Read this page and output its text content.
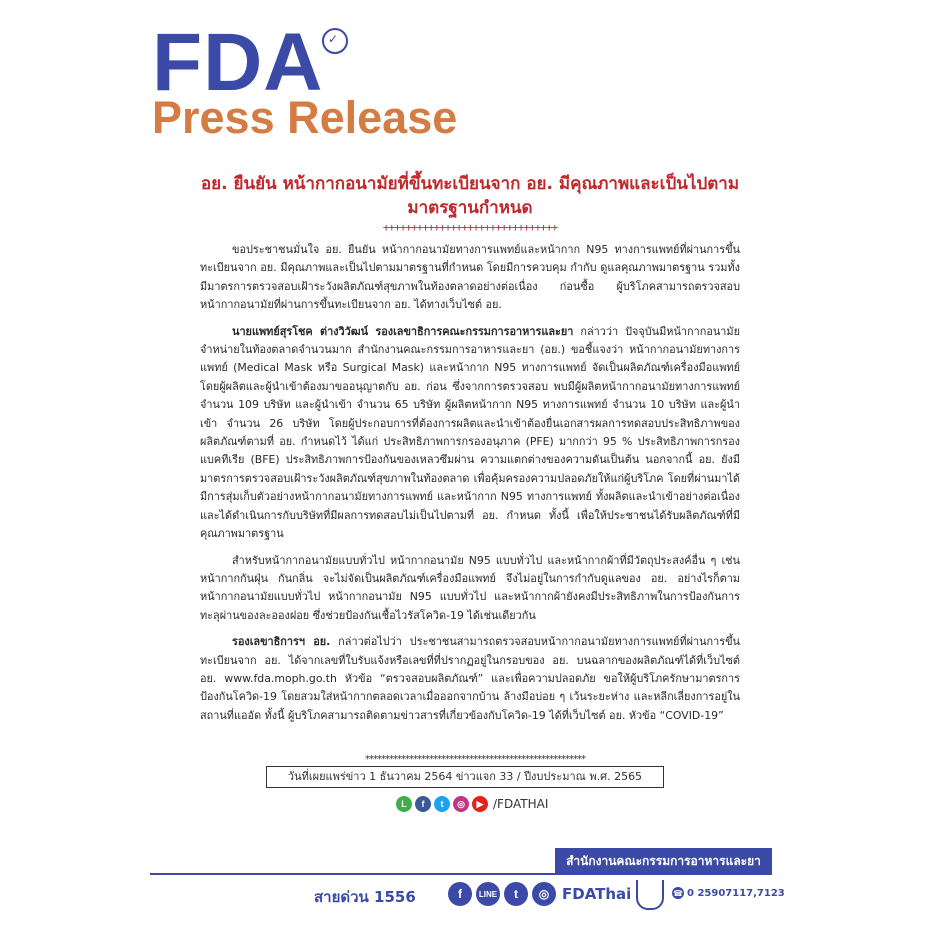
FDA ✓
Press Release
อย. ยืนยัน หน้ากากอนามัยที่ขึ้นทะเบียนจาก อย. มีคุณภาพและเป็นไปตาม
มาตรฐานกำหนด
+++++++++++++++++++++++++++++++

ขอประชาชนมั่นใจ อย. ยืนยัน หน้ากากอนามัยทางการแพทย์และหน้ากาก N95 ทางการแพทย์ที่ผ่านการขึ้นทะเบียนจาก อย. มีคุณภาพและเป็นไปตามมาตรฐานที่กำหนด โดยมีการควบคุม กำกับ ดูแลคุณภาพมาตรฐาน รวมทั้งมีมาตรการตรวจสอบเฝ้าระวังผลิตภัณฑ์สุขภาพในท้องตลาดอย่างต่อเนื่อง ก่อนซื้อ ผู้บริโภคสามารถตรวจสอบหน้ากากอนามัยที่ผ่านการขึ้นทะเบียนจาก อย. ได้ทางเว็บไซต์ อย.

นายแพทย์สุรโชค ต่างวิวัฒน์ รองเลขาธิการคณะกรรมการอาหารและยา กล่าวว่า ปัจจุบันมีหน้ากากอนามัยจำหน่ายในท้องตลาดจำนวนมาก สำนักงานคณะกรรมการอาหารและยา (อย.) ขอชี้แจงว่า หน้ากากอนามัยทางการแพทย์ (Medical Mask หรือ Surgical Mask) และหน้ากาก N95 ทางการแพทย์ จัดเป็นผลิตภัณฑ์เครื่องมือแพทย์ โดยผู้ผลิตและผู้นำเข้าต้องมาขออนุญาตกับ อย. ก่อน ซึ่งจากการตรวจสอบ พบมีผู้ผลิตหน้ากากอนามัยทางการแพทย์ จำนวน 109 บริษัท และผู้นำเข้า จำนวน 65 บริษัท ผู้ผลิตหน้ากาก N95 ทางการแพทย์ จำนวน 10 บริษัท และผู้นำเข้า จำนวน 26 บริษัท โดยผู้ประกอบการที่ต้องการผลิตและนำเข้าต้องยื่นเอกสารผลการทดสอบประสิทธิภาพของผลิตภัณฑ์ตามที่ อย. กำหนดไว้ ได้แก่ ประสิทธิภาพการกรองอนุภาค (PFE) มากกว่า 95 % ประสิทธิภาพการกรองแบคทีเรีย (BFE) ประสิทธิภาพการป้องกันของเหลวซึมผ่าน ความแตกต่างของความดันเป็นต้น นอกจากนี้ อย. ยังมีมาตรการตรวจสอบเฝ้าระวังผลิตภัณฑ์สุขภาพในท้องตลาด เพื่อคุ้มครองความปลอดภัยให้แก่ผู้บริโภค โดยที่ผ่านมาได้มีการสุ่มเก็บตัวอย่างหน้ากากอนามัยทางการแพทย์ และหน้ากาก N95 ทางการแพทย์ ทั้งผลิตและนำเข้าอย่างต่อเนื่อง และได้ดำเนินการกับบริษัทที่มีผลการทดสอบไม่เป็นไปตามที่ อย. กำหนด ทั้งนี้ เพื่อให้ประชาชนได้รับผลิตภัณฑ์ที่มีคุณภาพมาตรฐาน

สำหรับหน้ากากอนามัยแบบทั่วไป หน้ากากอนามัย N95 แบบทั่วไป และหน้ากากผ้าที่มีวัตถุประสงค์อื่น ๆ เช่น หน้ากากกันฝุ่น กันกลิ่น จะไม่จัดเป็นผลิตภัณฑ์เครื่องมือแพทย์ จึงไม่อยู่ในการกำกับดูแลของ อย. อย่างไรก็ตาม หน้ากากอนามัยแบบทั่วไป หน้ากากอนามัย N95 แบบทั่วไป และหน้ากากผ้ายังคงมีประสิทธิภาพในการป้องกันการทะลุผ่านของละอองฝอย ซึ่งช่วยป้องกันเชื้อไวรัสโควิด-19 ได้เช่นเดียวกัน

รองเลขาธิการฯ อย. กล่าวต่อไปว่า ประชาชนสามารถตรวจสอบหน้ากากอนามัยทางการแพทย์ที่ผ่านการขึ้นทะเบียนจาก อย. ได้จากเลขที่ใบรับแจ้งหรือเลขที่ที่ปรากฏอยู่ในกรอบของ อย. บนฉลากของผลิตภัณฑ์ได้ที่เว็บไซต์ อย. www.fda.moph.go.th หัวข้อ “ตรวจสอบผลิตภัณฑ์” และเพื่อความปลอดภัย ขอให้ผู้บริโภครักษามาตรการป้องกันโควิด-19 โดยสวมใส่หน้ากากตลอดเวลาเมื่อออกจากบ้าน ล้างมือบ่อย ๆ เว้นระยะห่าง และหลีกเลี่ยงการอยู่ในสถานที่แออัด ทั้งนี้ ผู้บริโภคสามารถติดตามข่าวสารที่เกี่ยวข้องกับโควิด-19 ได้ที่เว็บไซต์ อย. หัวข้อ “COVID-19”

*******************************************************
วันที่เผยแพร่ข่าว 1 ธันวาคม 2564 ข่าวแจก 33 / ปีงบประมาณ พ.ศ. 2565
L	f	t	◎	▶ /FDATHAI
สำนักงานคณะกรรมการอาหารและยา
สายด่วน 1556	f	LINE	t	◎ FDAThai	☎ 0 25907117,7123
